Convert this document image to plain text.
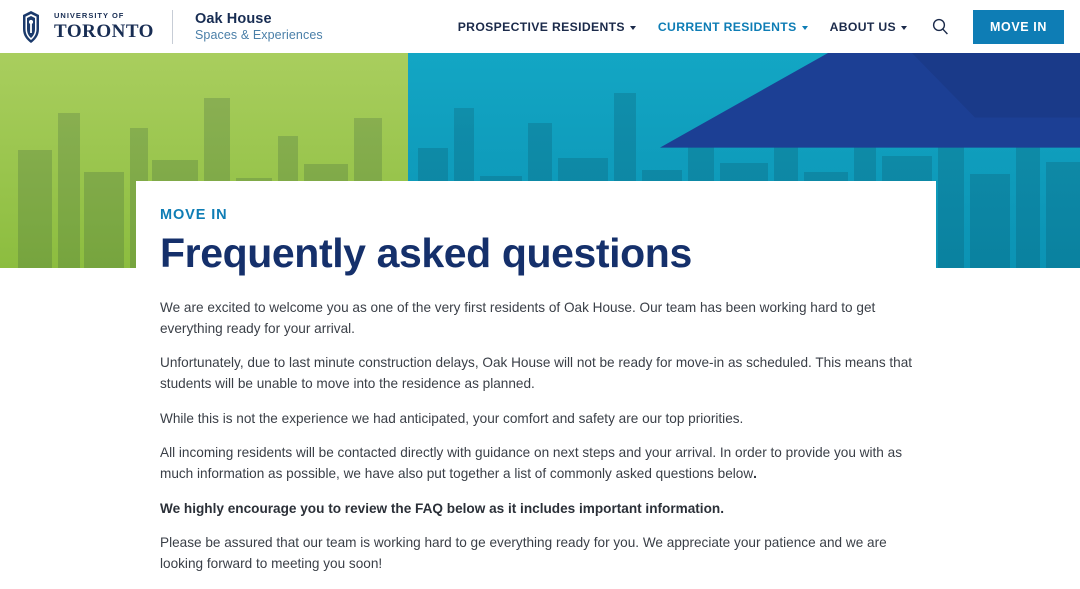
UNIVERSITY OF
TORONTO
Oak House
Spaces & Experiences
PROSPECTIVE RESIDENTS	CURRENT RESIDENTS	ABOUT US	MOVE IN

MOVE IN

Frequently asked questions

We are excited to welcome you as one of the very first residents of Oak House. Our team has been working hard to get everything ready for your arrival.

Unfortunately, due to last minute construction delays, Oak House will not be ready for move-in as scheduled. This means that students will be unable to move into the residence as planned.

While this is not the experience we had anticipated, your comfort and safety are our top priorities.

All incoming residents will be contacted directly with guidance on next steps and your arrival. In order to provide you with as much information as possible, we have also put together a list of commonly asked questions below.

We highly encourage you to review the FAQ below as it includes important information.

Please be assured that our team is working hard to ge everything ready for you. We appreciate your patience and we are looking forward to meeting you soon!
